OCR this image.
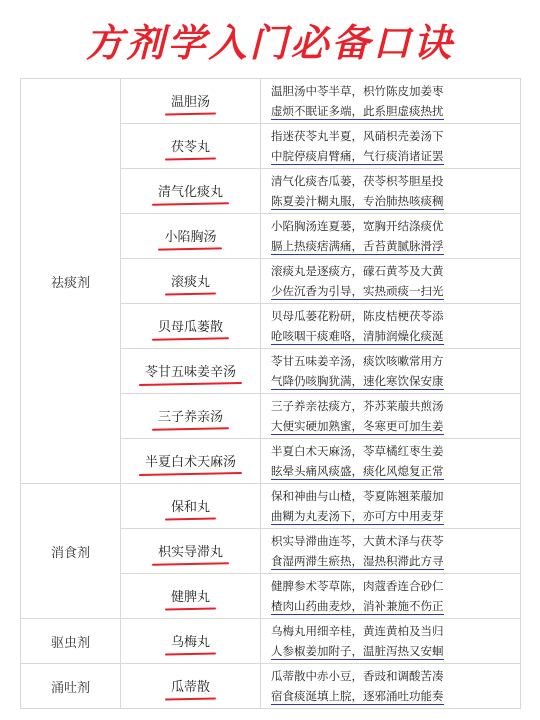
方剂学入门必备口诀
祛痰剂	温胆汤	温胆汤中苓半草，枳竹陈皮加姜枣
虚烦不眠证多端，此系胆虚痰热扰

	茯苓丸	指迷茯苓丸半夏，风硝枳壳姜汤下
中脘停痰肩臂痛，气行痰消诸证罢

	清气化痰丸	清气化痰杏瓜蒌，茯苓枳芩胆星投
陈夏姜汁糊丸服，专治肺热咳痰稠

	小陷胸汤	小陷胸汤连夏蒌，宽胸开结涤痰优
膈上热痰痞满痛，舌苔黄腻脉滑浮

	滚痰丸	滚痰丸是逐痰方，礞石黄芩及大黄
少佐沉香为引导，实热顽痰一扫光

	贝母瓜蒌散	贝母瓜蒌花粉研，陈皮桔梗茯苓添
呛咳咽干痰难咯，清肺润燥化痰涎

	苓甘五味姜辛汤	苓甘五味姜辛汤，痰饮咳嗽常用方
气降仍咳胸犹满，速化寒饮保安康

	三子养亲汤	三子养亲祛痰方，芥苏莱菔共煎汤
大便实硬加熟蜜，冬寒更可加生姜

	半夏白术天麻汤	半夏白术天麻汤，苓草橘红枣生姜
眩晕头痛风痰盛，痰化风熄复正常

消食剂	保和丸	保和神曲与山楂，苓夏陈翘莱菔加
曲糊为丸麦汤下，亦可方中用麦芽

	枳实导滞丸	枳实导滞曲连芩，大黄术泽与茯苓
食湿两滞生瘀热，湿热积滞此方寻

	健脾丸	健脾参术苓草陈，肉蔻香连合砂仁
楂肉山药曲麦炒，消补兼施不伤正

驱虫剂	乌梅丸	乌梅丸用细辛桂，黄连黄柏及当归
人参椒姜加附子，温脏泻热又安蛔

涌吐剂	瓜蒂散	瓜蒂散中赤小豆，香豉和调酸苦凑
宿食痰涎填上脘，逐邪涌吐功能奏
